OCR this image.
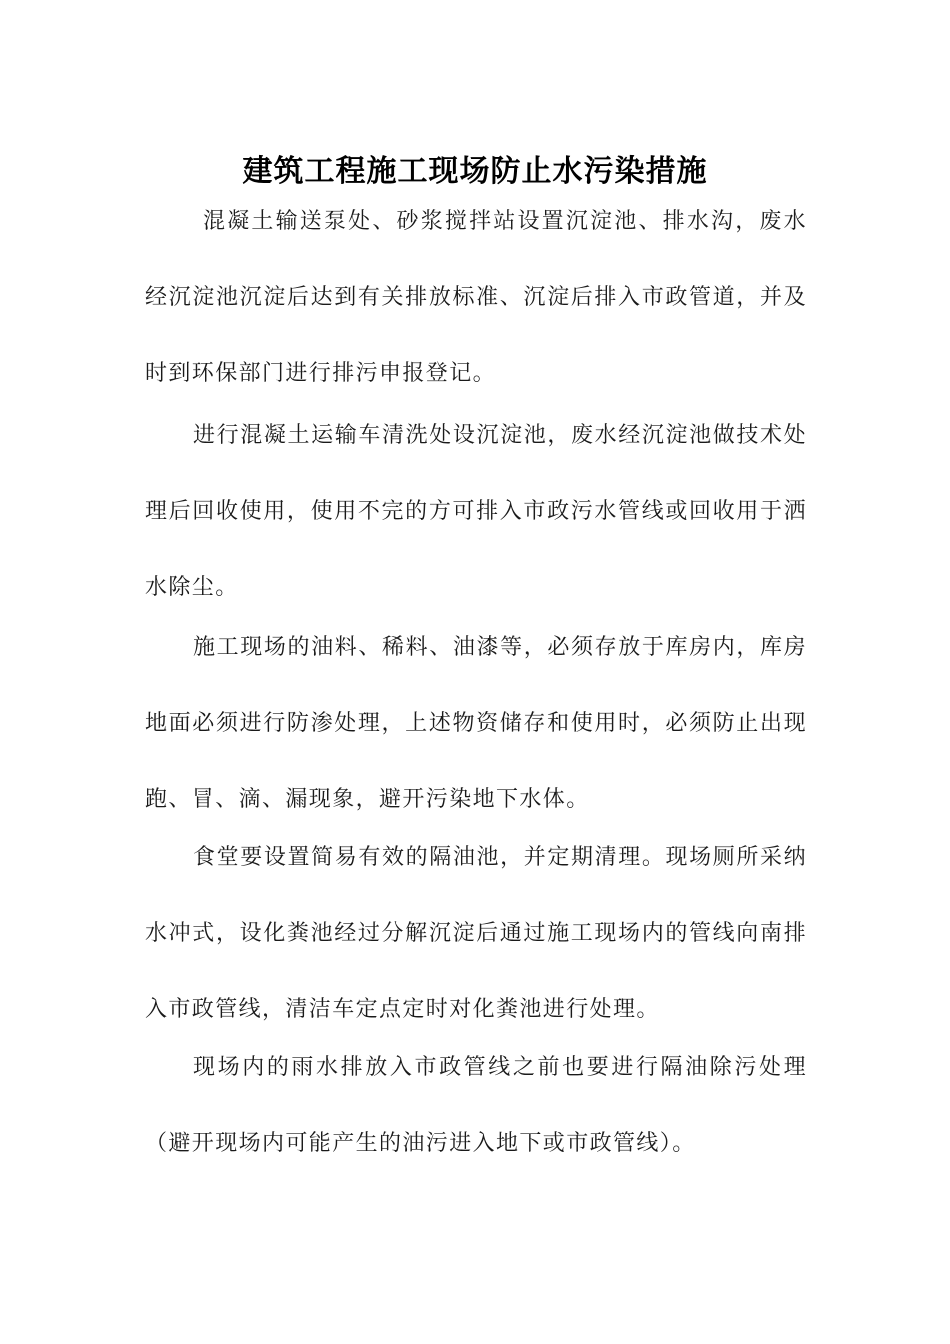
建筑工程施工现场防止水污染措施

混凝土输送泵处、砂浆搅拌站设置沉淀池、排水沟，废水经沉淀池沉淀后达到有关排放标准、沉淀后排入市政管道，并及时到环保部门进行排污申报登记。

进行混凝土运输车清洗处设沉淀池，废水经沉淀池做技术处理后回收使用，使用不完的方可排入市政污水管线或回收用于洒水除尘。

施工现场的油料、稀料、油漆等，必须存放于库房内，库房地面必须进行防渗处理，上述物资储存和使用时，必须防止出现跑、冒、滴、漏现象，避开污染地下水体。

食堂要设置简易有效的隔油池，并定期清理。现场厕所采纳水冲式，设化粪池经过分解沉淀后通过施工现场内的管线向南排入市政管线，清洁车定点定时对化粪池进行处理。

现场内的雨水排放入市政管线之前也要进行隔油除污处理（避开现场内可能产生的油污进入地下或市政管线）。
